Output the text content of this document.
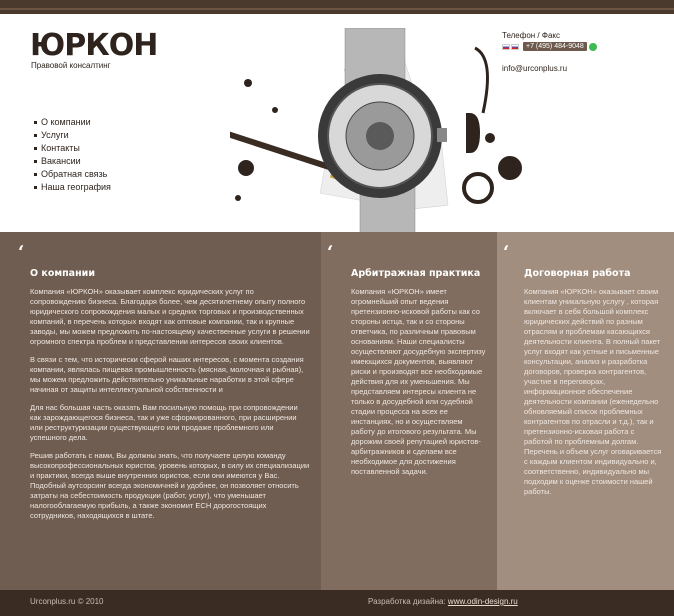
ЮРКОН
Правовой консалтинг
О компании
Услуги
Контакты
Вакансии
Обратная связь
Наша география
Телефон / Факс
+7 (495) 484-9048
info@urconplus.ru
‘
О компании

Компания «ЮРКОН» оказывает комплекс юридических услуг по сопровождению бизнеса. Благодаря более, чем десятилетнему опыту полного юридического сопровождения малых и средних торговых и производственных компаний, в перечень которых входят как оптовые компании, так и крупные заводы, мы можем предложить по-настоящему качественные услуги в решении огромного спектра проблем и представлении интересов своих клиентов.

В связи с тем, что исторически сферой наших интересов, с момента создания компании, являлась пищевая промышленность (мясная, молочная и рыбная), мы можем предложить действительно уникальные наработки в этой сфере начиная от защиты интеллектуальной собственности и

Для нас большая часть оказать Вам посильную помощь при сопровождении как зарождающегося бизнеса, так и уже сформированного, при расширении или реструктуризации существующего или продаже проблемного или успешного дела.

Решив работать с нами, Вы должны знать, что получаете целую команду высокопрофессиональных юристов, уровень которых, в силу их специализации и практики, всегда выше внутренних юристов, если они имеются у Вас. Подобный аутсорсинг всегда экономичней и удобнее, он позволяет относить затраты на себестоимость продукции (работ, услуг), что уменьшает налогооблагаемую прибыль, а также экономит ЕСН дорогостоящих сотрудников, находящихся в штате.

‘
Арбитражная практика

Компания «ЮРКОН» имеет огромнейший опыт ведения претензионно-исковой работы как со стороны истца, так и со стороны ответчика, по различным правовым основаниям. Наши специалисты осуществляют досудебную экспертизу имеющихся документов, выявляют риски и производят все необходимые действия для их уменьшения. Мы представляем интересы клиента не только в досудебной или судебной стадии процесса на всех ее инстанциях, но и осуществляем работу до итогового результата. Мы дорожим своей репутацией юристов-арбитражников и сделаем все необходимое для достижения поставленной задачи.

‘
Договорная работа

Компания «ЮРКОН» оказывает своим клиентам уникальную услугу , которая включает в себя большой комплекс юридических действий по разным отраслям и проблемам касающихся деятельности клиента. В полный пакет услуг входят как устные и письменные консультации, анализ и разработка договоров, проверка контрагентов, участие в переговорах, информационное обеспечение деятельности компании (еженедельно обновляемый список проблемных контрагентов по отрасли и т.д.), так и претензионно-исковая работа с работой по проблемным долгам. Перечень и объем услуг оговаривается с каждым клиентом индивидуально и, соответственно, индивидуально мы подходим к оценке стоимости нашей работы.

Urconplus.ru © 2010	Разработка дизайна: www.odin-design.ru
